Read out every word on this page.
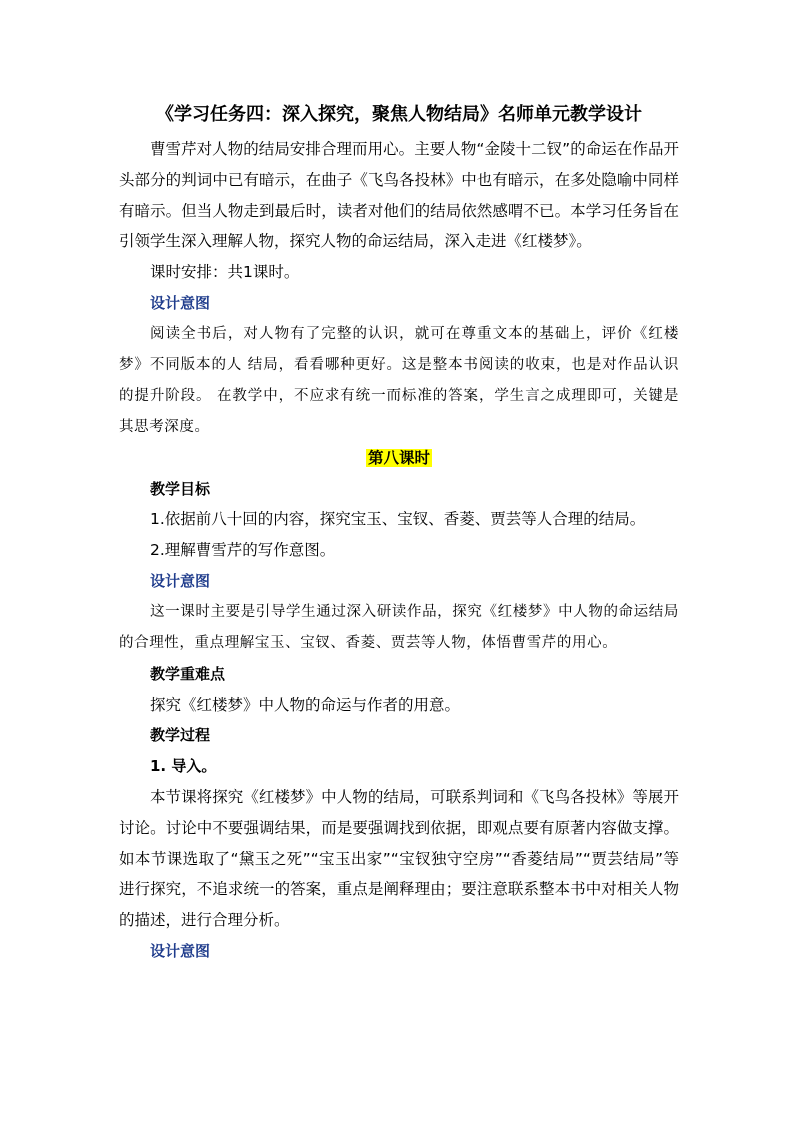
《学习任务四：深入探究，聚焦人物结局》名师单元教学设计

曹雪芹对人物的结局安排合理而用心。主要人物“金陵十二钗”的命运在作品开头部分的判词中已有暗示，在曲子《飞鸟各投林》中也有暗示，在多处隐喻中同样有暗示。但当人物走到最后时，读者对他们的结局依然感喟不已。本学习任务旨在引领学生深入理解人物，探究人物的命运结局，深入走进《红楼梦》。

课时安排：共1课时。

设计意图

阅读全书后，对人物有了完整的认识，就可在尊重文本的基础上，评价《红楼梦》不同版本的人 结局，看看哪种更好。这是整本书阅读的收束，也是对作品认识的提升阶段。 在教学中，不应求有统一而标准的答案，学生言之成理即可，关键是其思考深度。

第八课时

教学目标

1.依据前八十回的内容，探究宝玉、宝钗、香菱、贾芸等人合理的结局。

2.理解曹雪芹的写作意图。

设计意图

这一课时主要是引导学生通过深入研读作品，探究《红楼梦》中人物的命运结局的合理性，重点理解宝玉、宝钗、香菱、贾芸等人物，体悟曹雪芹的用心。

教学重难点

探究《红楼梦》中人物的命运与作者的用意。

教学过程

1. 导入。

本节课将探究《红楼梦》中人物的结局，可联系判词和《飞鸟各投林》等展开讨论。讨论中不要强调结果，而是要强调找到依据，即观点要有原著内容做支撑。如本节课选取了“黛玉之死”“宝玉出家”“宝钗独守空房”“香菱结局”“贾芸结局”等进行探究，不追求统一的答案，重点是阐释理由；要注意联系整本书中对相关人物的描述，进行合理分析。

设计意图
